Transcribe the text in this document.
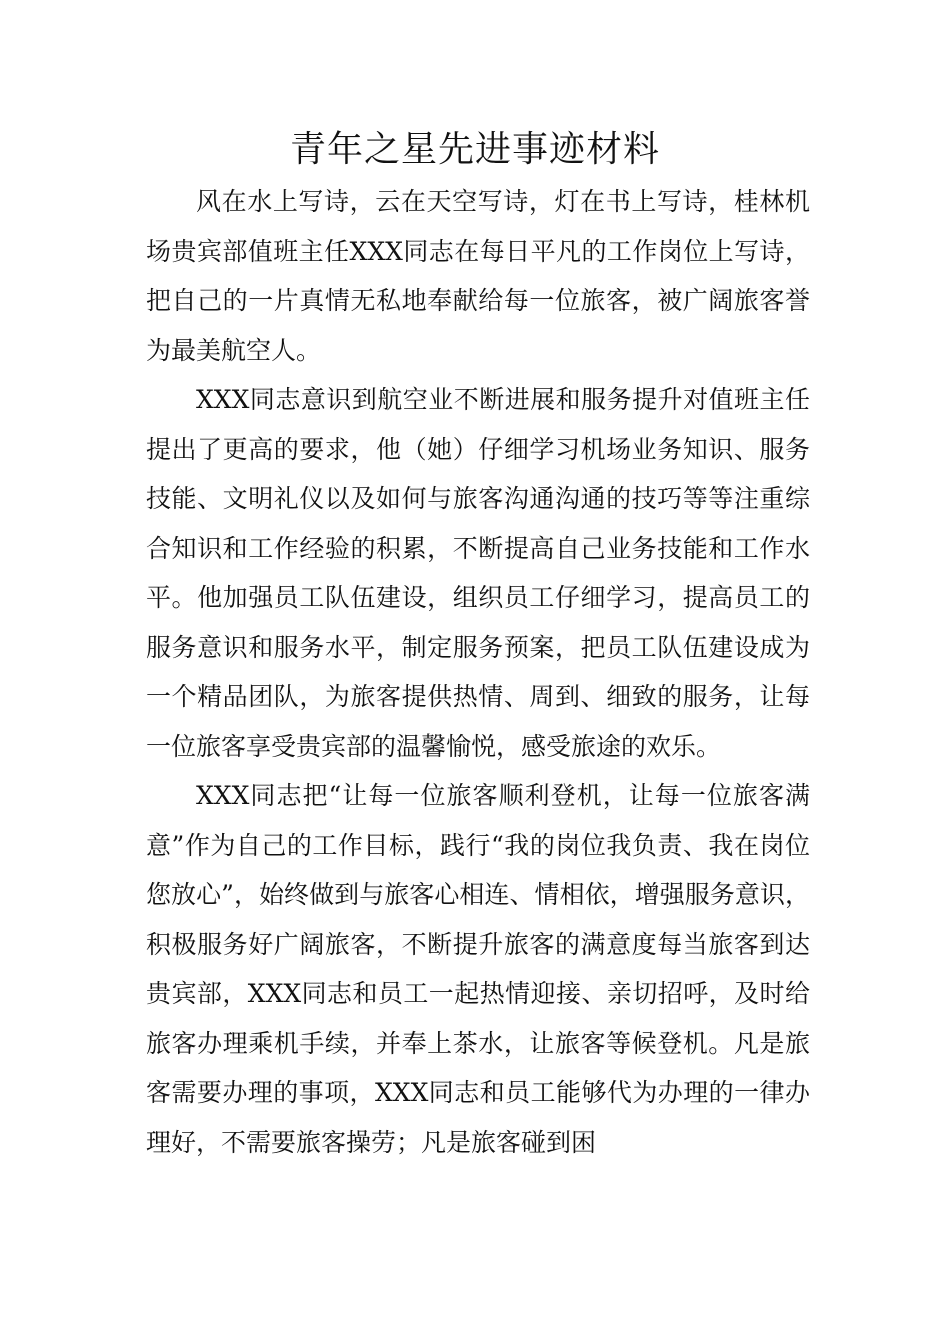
青年之星先进事迹材料

风在水上写诗，云在天空写诗，灯在书上写诗，桂林机场贵宾部值班主任XXX同志在每日平凡的工作岗位上写诗，把自己的一片真情无私地奉献给每一位旅客，被广阔旅客誉为最美航空人。

XXX同志意识到航空业不断进展和服务提升对值班主任提出了更高的要求，他（她）仔细学习机场业务知识、服务技能、文明礼仪以及如何与旅客沟通沟通的技巧等等注重综合知识和工作经验的积累，不断提高自己业务技能和工作水平。他加强员工队伍建设，组织员工仔细学习，提高员工的服务意识和服务水平，制定服务预案，把员工队伍建设成为一个精品团队，为旅客提供热情、周到、细致的服务，让每一位旅客享受贵宾部的温馨愉悦，感受旅途的欢乐。

XXX同志把“让每一位旅客顺利登机，让每一位旅客满意”作为自己的工作目标，践行“我的岗位我负责、我在岗位您放心”，始终做到与旅客心相连、情相依，增强服务意识，积极服务好广阔旅客，不断提升旅客的满意度每当旅客到达贵宾部，XXX同志和员工一起热情迎接、亲切招呼，及时给旅客办理乘机手续，并奉上茶水，让旅客等候登机。凡是旅客需要办理的事项，XXX同志和员工能够代为办理的一律办理好，不需要旅客操劳；凡是旅客碰到困
